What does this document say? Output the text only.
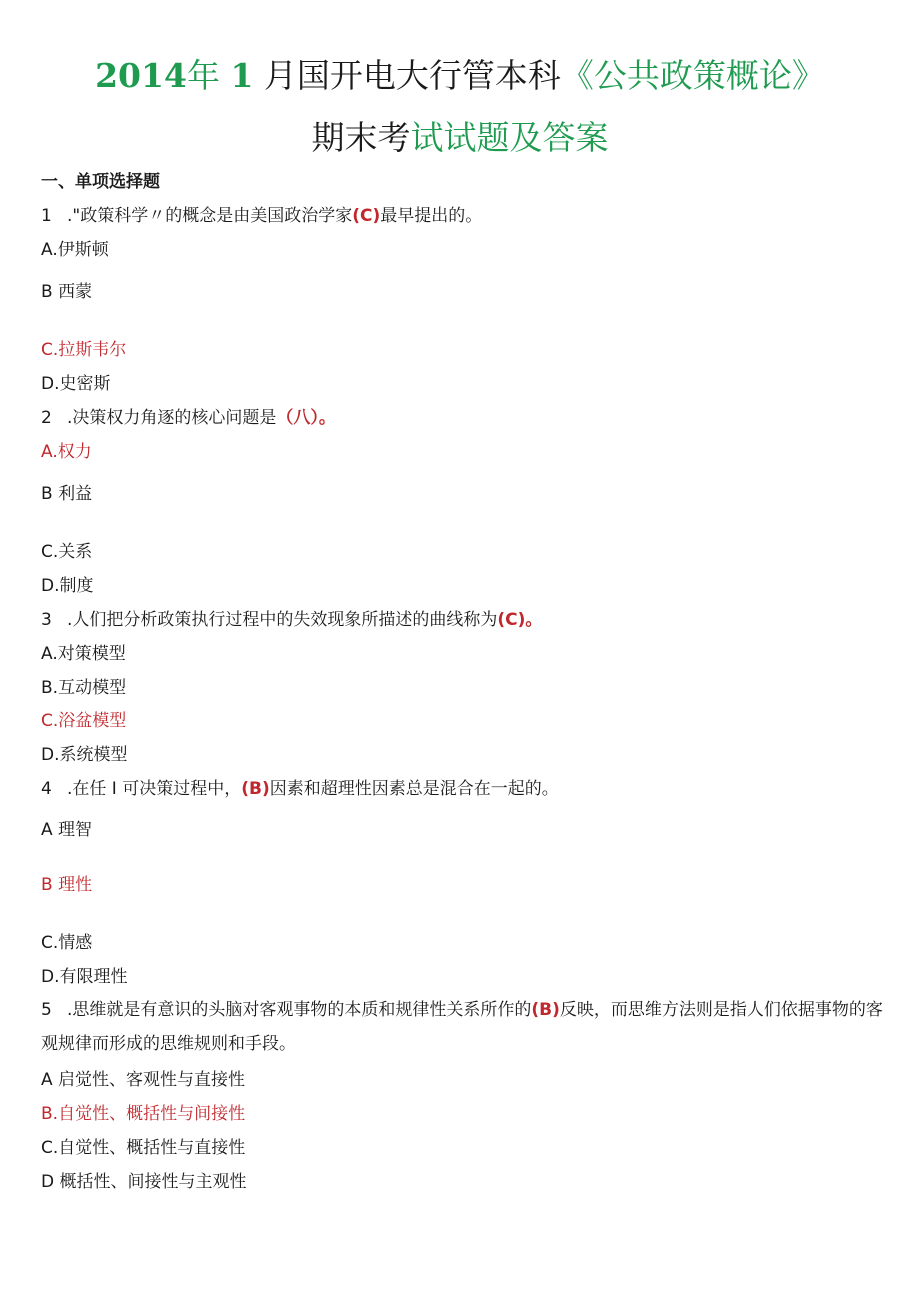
2014年 1 月国开电大行管本科《公共政策概论》
期末考试试题及答案
一、单项选择题
1 ."政策科学〃的概念是由美国政治学家(C)最早提出的。
A.伊斯顿
B 西蒙
C.拉斯韦尔
D.史密斯
2 .决策权力角逐的核心问题是（八）。
A.权力
B 利益
C.关系
D.制度
3 .人们把分析政策执行过程中的失效现象所描述的曲线称为(C)。
A.对策模型
B.互动模型
C.浴盆模型
D.系统模型
4 .在任 I 可决策过程中，(B)因素和超理性因素总是混合在一起的。
A 理智
B 理性
C.情感
D.有限理性
5 .思维就是有意识的头脑对客观事物的本质和规律性关系所作的(B)反映，而思维方法则是指人们依据事物的客观规律而形成的思维规则和手段。
A 启觉性、客观性与直接性
B.自觉性、概括性与间接性
C.自觉性、概括性与直接性
D 概括性、间接性与主观性
